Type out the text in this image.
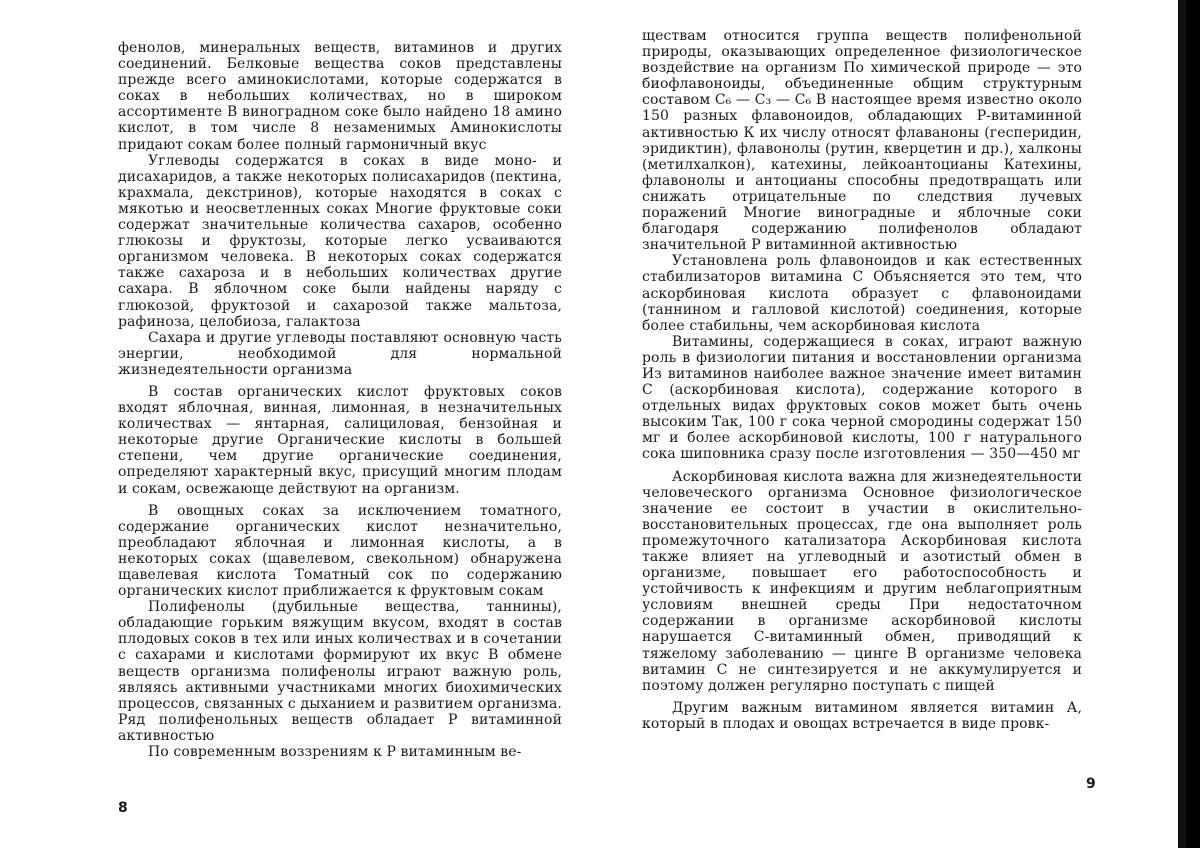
фенолов, минеральных веществ, витаминов и других соединений. Белковые вещества соков представлены прежде всего аминокислотами, которые содержатся в соках в небольших количествах, но в широком ассортименте В виноградном соке было найдено 18 амино кислот, в том числе 8 незаменимых Аминокислоты придают сокам более полный гармоничный вкус

Углеводы содержатся в соках в виде моно- и дисахаридов, а также некоторых полисахаридов (пектина, крахмала, декстринов), которые находятся в соках с мякотью и неосветленных соках Многие фруктовые соки содержат значительные количества сахаров, особенно глюкозы и фруктозы, которые легко усваиваются организмом человека. В некоторых соках содержатся также сахароза и в небольших количествах другие сахара. В яблочном соке были найдены наряду с глюкозой, фруктозой и сахарозой также мальтоза, рафиноза, целобиоза, галактоза

Сахара и другие углеводы поставляют основную часть энергии, необходимой для нормальной жизнедеятельности организма

В состав органических кислот фруктовых соков входят яблочная, винная, лимонная, в незначительных количествах — янтарная, салициловая, бензойная и некоторые другие Органические кислоты в большей степени, чем другие органические соединения, определяют характерный вкус, присущий многим плодам и сокам, освежающе действуют на организм.

В овощных соках за исключением томатного, содержание органических кислот незначительно, преобладают яблочная и лимонная кислоты, а в некоторых соках (щавелевом, свекольном) обнаружена щавелевая кислота Томатный сок по содержанию органических кислот приближается к фруктовым сокам

Полифенолы (дубильные вещества, таннины), обладающие горьким вяжущим вкусом, входят в состав плодовых соков в тех или иных количествах и в сочетании с сахарами и кислотами формируют их вкус В обмене веществ организма полифенолы играют важную роль, являясь активными участниками многих биохимических процессов, связанных с дыханием и развитием организма. Ряд полифенольных веществ обладает Р витаминной активностью

По современным воззрениям к Р витаминным ве-

8

ществам относится группа веществ полифенольной природы, оказывающих определенное физиологическое воздействие на организм По химической природе — это биофлавоноиды, объединенные общим структурным составом С₆ — С₃ — С₆ В настоящее время известно около 150 разных флавоноидов, обладающих Р-витаминной активностью К их числу относят флаваноны (гесперидин, эридиктин), флавонолы (рутин, кверцетин и др.), халконы (метилхалкон), катехины, лейкоантоцианы Катехины, флавонолы и антоцианы способны предотвращать или снижать отрицательные по следствия лучевых поражений Многие виноградные и яблочные соки благодаря содержанию полифенолов обладают значительной Р витаминной активностью

Установлена роль флавоноидов и как естественных стабилизаторов витамина С Объясняется это тем, что аскорбиновая кислота образует с флавоноидами (таннином и галловой кислотой) соединения, которые более стабильны, чем аскорбиновая кислота

Витамины, содержащиеся в соках, играют важную роль в физиологии питания и восстановлении организма Из витаминов наиболее важное значение имеет витамин С (аскорбиновая кислота), содержание которого в отдельных видах фруктовых соков может быть очень высоким Так, 100 г сока черной смородины содержат 150 мг и более аскорбиновой кислоты, 100 г натурального сока шиповника сразу после изготовления — 350—450 мг

Аскорбиновая кислота важна для жизнедеятельности человеческого организма Основное физиологическое значение ее состоит в участии в окислительно-восстановительных процессах, где она выполняет роль промежуточного катализатора Аскорбиновая кислота также влияет на углеводный и азотистый обмен в организме, повышает его работоспособность и устойчивость к инфекциям и другим неблагоприятным условиям внешней среды При недостаточном содержании в организме аскорбиновой кислоты нарушается С-витаминный обмен, приводящий к тяжелому заболеванию — цинге В организме человека витамин С не синтезируется и не аккумулируется и поэтому должен регулярно поступать с пищей

Другим важным витамином является витамин А, который в плодах и овощах встречается в виде провк-

9
